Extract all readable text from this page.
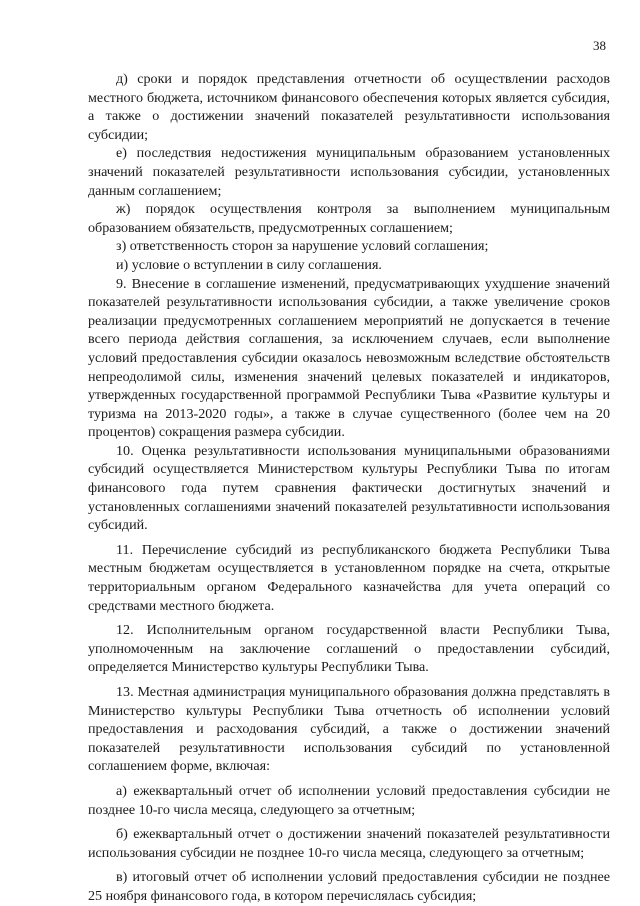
38

д) сроки и порядок представления отчетности об осуществлении расходов местного бюджета, источником финансового обеспечения которых является субсидия, а также о достижении значений показателей результативности использования субсидии;

е) последствия недостижения муниципальным образованием установленных значений показателей результативности использования субсидии, установленных данным соглашением;

ж) порядок осуществления контроля за выполнением муниципальным образованием обязательств, предусмотренных соглашением;

з) ответственность сторон за нарушение условий соглашения;

и) условие о вступлении в силу соглашения.

9. Внесение в соглашение изменений, предусматривающих ухудшение значений показателей результативности использования субсидии, а также увеличение сроков реализации предусмотренных соглашением мероприятий не допускается в течение всего периода действия соглашения, за исключением случаев, если выполнение условий предоставления субсидии оказалось невозможным вследствие обстоятельств непреодолимой силы, изменения значений целевых показателей и индикаторов, утвержденных государственной программой Республики Тыва «Развитие культуры и туризма на 2013-2020 годы», а также в случае существенного (более чем на 20 процентов) сокращения размера субсидии.

10. Оценка результативности использования муниципальными образованиями субсидий осуществляется Министерством культуры Республики Тыва по итогам финансового года путем сравнения фактически достигнутых значений и установленных соглашениями значений показателей результативности использования субсидий.

11. Перечисление субсидий из республиканского бюджета Республики Тыва местным бюджетам осуществляется в установленном порядке на счета, открытые территориальным органом Федерального казначейства для учета операций со средствами местного бюджета.

12. Исполнительным органом государственной власти Республики Тыва, уполномоченным на заключение соглашений о предоставлении субсидий, определяется Министерство культуры Республики Тыва.

13. Местная администрация муниципального образования должна представлять в Министерство культуры Республики Тыва отчетность об исполнении условий предоставления и расходования субсидий, а также о достижении значений показателей результативности использования субсидий по установленной соглашением форме, включая:

а) ежеквартальный отчет об исполнении условий предоставления субсидии не позднее 10-го числа месяца, следующего за отчетным;

б) ежеквартальный отчет о достижении значений показателей результативности использования субсидии не позднее 10-го числа месяца, следующего за отчетным;

в) итоговый отчет об исполнении условий предоставления субсидии не позднее 25 ноября финансового года, в котором перечислялась субсидия;
